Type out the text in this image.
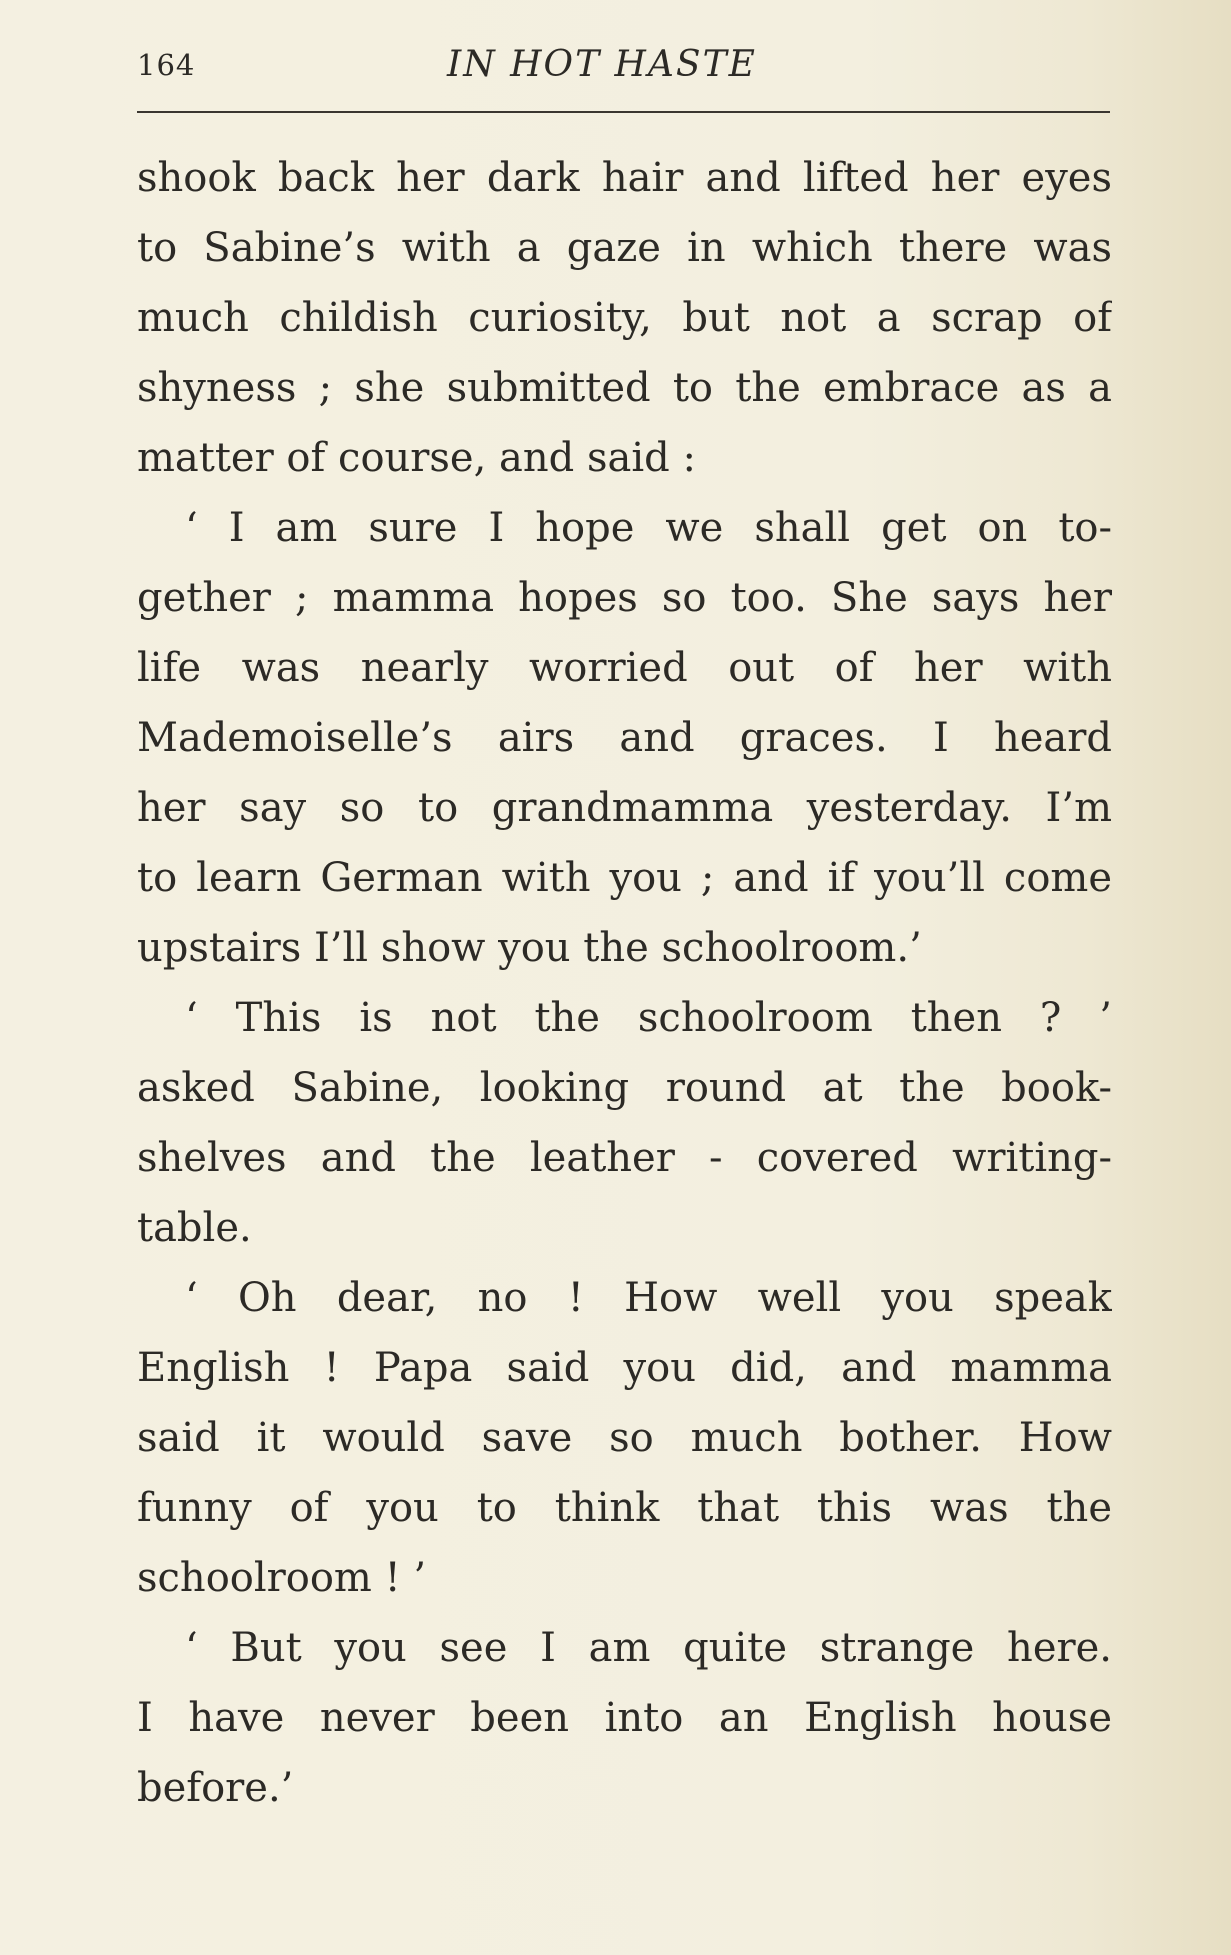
164	IN HOT HASTE
shook back her dark hair and lifted her eyes
to Sabine’s with a gaze in which there was
much childish curiosity, but not a scrap of
shyness ; she submitted to the embrace as a
matter of course, and said :
‘ I am sure I hope we shall get on to-
gether ; mamma hopes so too. She says her
life was nearly worried out of her with
Mademoiselle’s airs and graces. I heard
her say so to grandmamma yesterday. I’m
to learn German with you ; and if you’ll come
upstairs I’ll show you the schoolroom.’
‘ This is not the schoolroom then ? ’
asked Sabine, looking round at the book-
shelves and the leather - covered writing-
table.
‘ Oh dear, no ! How well you speak
English ! Papa said you did, and mamma
said it would save so much bother. How
funny of you to think that this was the
schoolroom ! ’
‘ But you see I am quite strange here.
I have never been into an English house
before.’
